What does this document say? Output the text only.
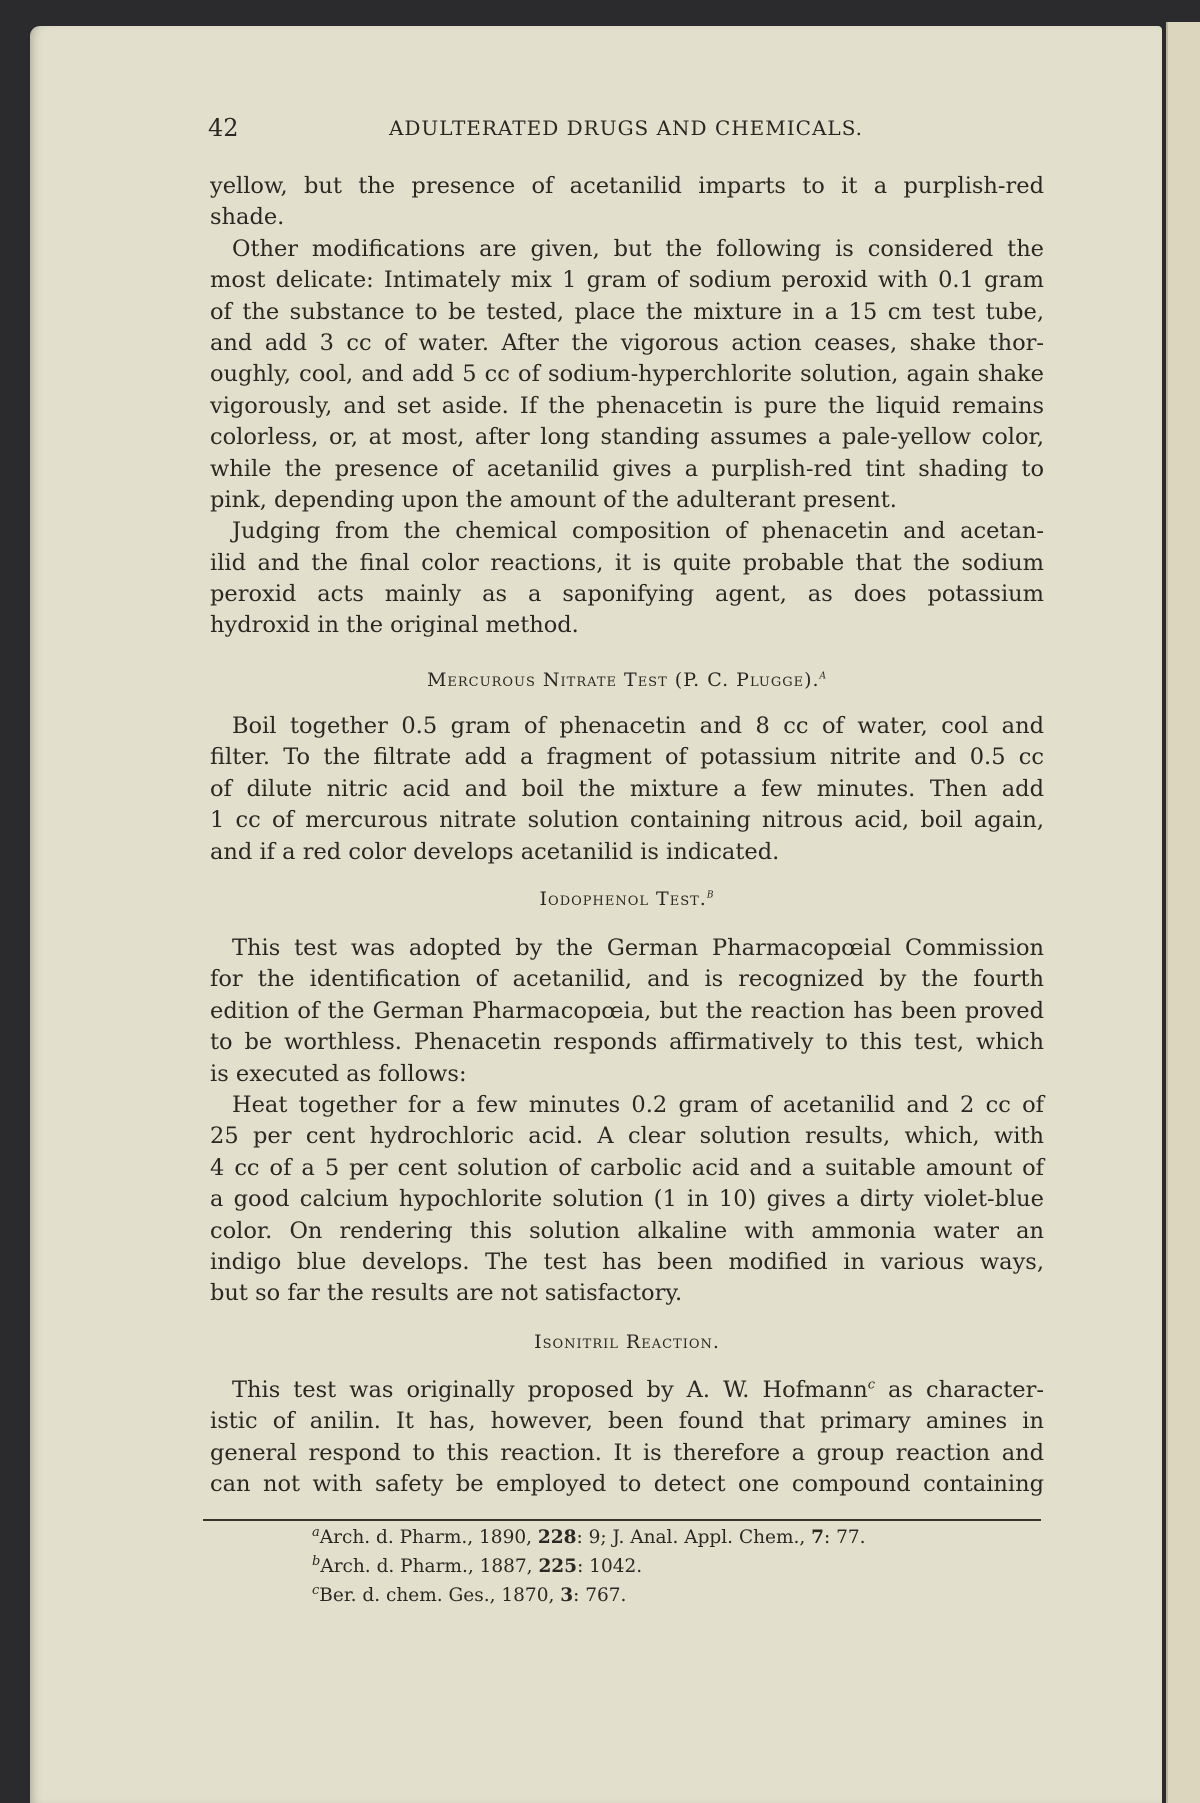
42	ADULTERATED DRUGS AND CHEMICALS.
yellow, but the presence of acetanilid imparts to it a purplish-red
shade.
Other modifications are given, but the following is considered the
most delicate: Intimately mix 1 gram of sodium peroxid with 0.1 gram
of the substance to be tested, place the mixture in a 15 cm test tube,
and add 3 cc of water. After the vigorous action ceases, shake thor-
oughly, cool, and add 5 cc of sodium-hyperchlorite solution, again shake
vigorously, and set aside. If the phenacetin is pure the liquid remains
colorless, or, at most, after long standing assumes a pale-yellow color,
while the presence of acetanilid gives a purplish-red tint shading to
pink, depending upon the amount of the adulterant present.
Judging from the chemical composition of phenacetin and acetan-
ilid and the final color reactions, it is quite probable that the sodium
peroxid acts mainly as a saponifying agent, as does potassium
hydroxid in the original method.
Mercurous Nitrate Test (P. C. Plugge).$^a$
Boil together 0.5 gram of phenacetin and 8 cc of water, cool and
filter. To the filtrate add a fragment of potassium nitrite and 0.5 cc
of dilute nitric acid and boil the mixture a few minutes. Then add
1 cc of mercurous nitrate solution containing nitrous acid, boil again,
and if a red color develops acetanilid is indicated.
Iodophenol Test.$^b$
This test was adopted by the German Pharmacopœial Commission
for the identification of acetanilid, and is recognized by the fourth
edition of the German Pharmacopœia, but the reaction has been proved
to be worthless. Phenacetin responds affirmatively to this test, which
is executed as follows:
Heat together for a few minutes 0.2 gram of acetanilid and 2 cc of
25 per cent hydrochloric acid. A clear solution results, which, with
4 cc of a 5 per cent solution of carbolic acid and a suitable amount of
a good calcium hypochlorite solution (1 in 10) gives a dirty violet-blue
color. On rendering this solution alkaline with ammonia water an
indigo blue develops. The test has been modified in various ways,
but so far the results are not satisfactory.
Isonitril Reaction.
This test was originally proposed by A. W. Hofmann$^c$ as character-
istic of anilin. It has, however, been found that primary amines in
general respond to this reaction. It is therefore a group reaction and
can not with safety be employed to detect one compound containing
$^a$Arch. d. Pharm., 1890, 228: 9; J. Anal. Appl. Chem., 7: 77.
$^b$Arch. d. Pharm., 1887, 225: 1042.
$^c$Ber. d. chem. Ges., 1870, 3: 767.
